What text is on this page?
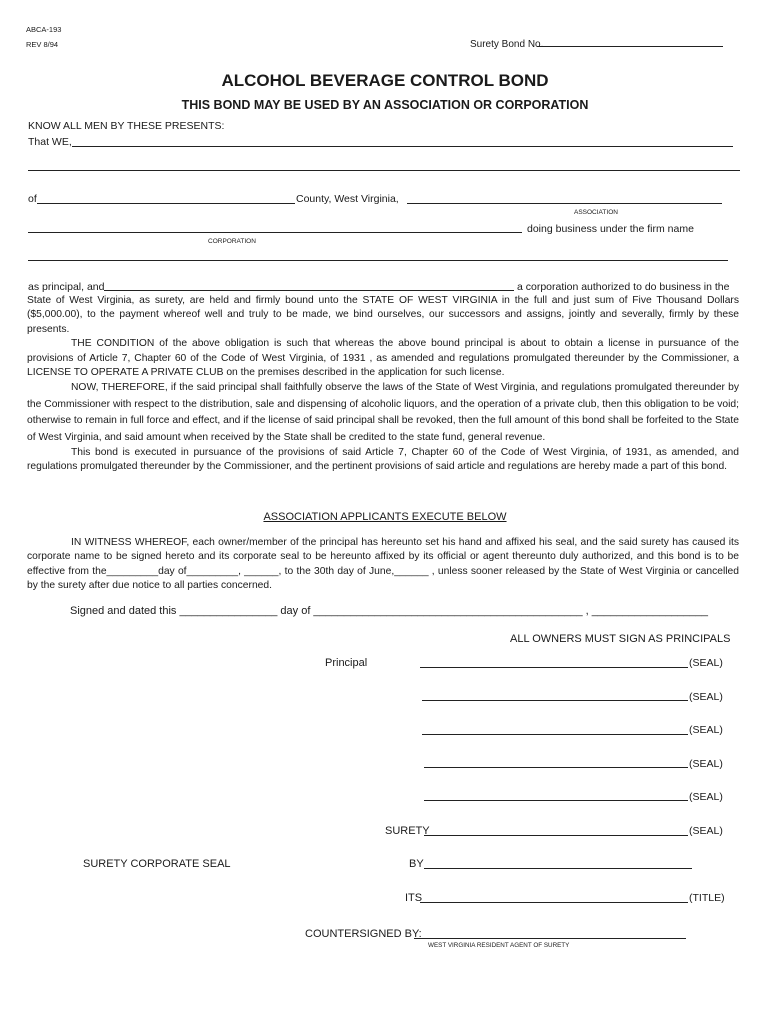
ABCA-193
REV 8/94	Surety Bond No.
ALCOHOL BEVERAGE CONTROL BOND
THIS BOND MAY BE USED BY AN ASSOCIATION OR CORPORATION
KNOW ALL MEN BY THESE PRESENTS:
That WE,
of	County, West Virginia,
ASSOCIATION
doing business under the firm name
CORPORATION
as principal, and	a corporation authorized to do business in the

State of West Virginia, as surety, are held and firmly bound unto the STATE OF WEST VIRGINIA in the full and just sum of Five Thousand Dollars ($5,000.00), to the payment whereof well and truly to be made, we bind ourselves, our successors and assigns, jointly and severally, firmly by these presents.

THE CONDITION of the above obligation is such that whereas the above bound principal is about to obtain a license in pursuance of the provisions of Article 7, Chapter 60 of the Code of West Virginia, of 1931 , as amended and regulations promulgated thereunder by the Commissioner, a LICENSE TO OPERATE A PRIVATE CLUB on the premises described in the application for such license.

NOW, THEREFORE, if the said principal shall faithfully observe the laws of the State of West Virginia, and regulations promulgated thereunder by the Commissioner with respect to the distribution, sale and dispensing of alcoholic liquors, and the operation of a private club, then this obligation to be void; otherwise to remain in full force and effect, and if the license of said principal shall be revoked, then the full amount of this bond shall be forfeited to the State of West Virginia, and said amount when received by the State shall be credited to the state fund, general revenue.

This bond is executed in pursuance of the provisions of said Article 7, Chapter 60 of the Code of West Virginia, of 1931, as amended, and regulations promulgated thereunder by the Commissioner, and the pertinent provisions of said article and regulations are hereby made a part of this bond.

ASSOCIATION APPLICANTS EXECUTE BELOW

IN WITNESS WHEREOF, each owner/member of the principal has hereunto set his hand and affixed his seal, and the said surety has caused its corporate name to be signed hereto and its corporate seal to be hereunto affixed by its official or agent thereunto duly authorized, and this bond is to be effective from the_________day of_________, ______, to the 30th day of June,______ , unless sooner released by the State of West Virginia or cancelled by the surety after due notice to all parties concerned.

Signed and dated this ________________ day of ____________________________________________ , ___________________
ALL OWNERS MUST SIGN AS PRINCIPALS
Principal	(SEAL)
(SEAL)
(SEAL)
(SEAL)
(SEAL)
SURETY	(SEAL)
SURETY CORPORATE SEAL	BY
ITS	(TITLE)
COUNTERSIGNED BY:
WEST VIRGINIA RESIDENT AGENT OF SURETY
